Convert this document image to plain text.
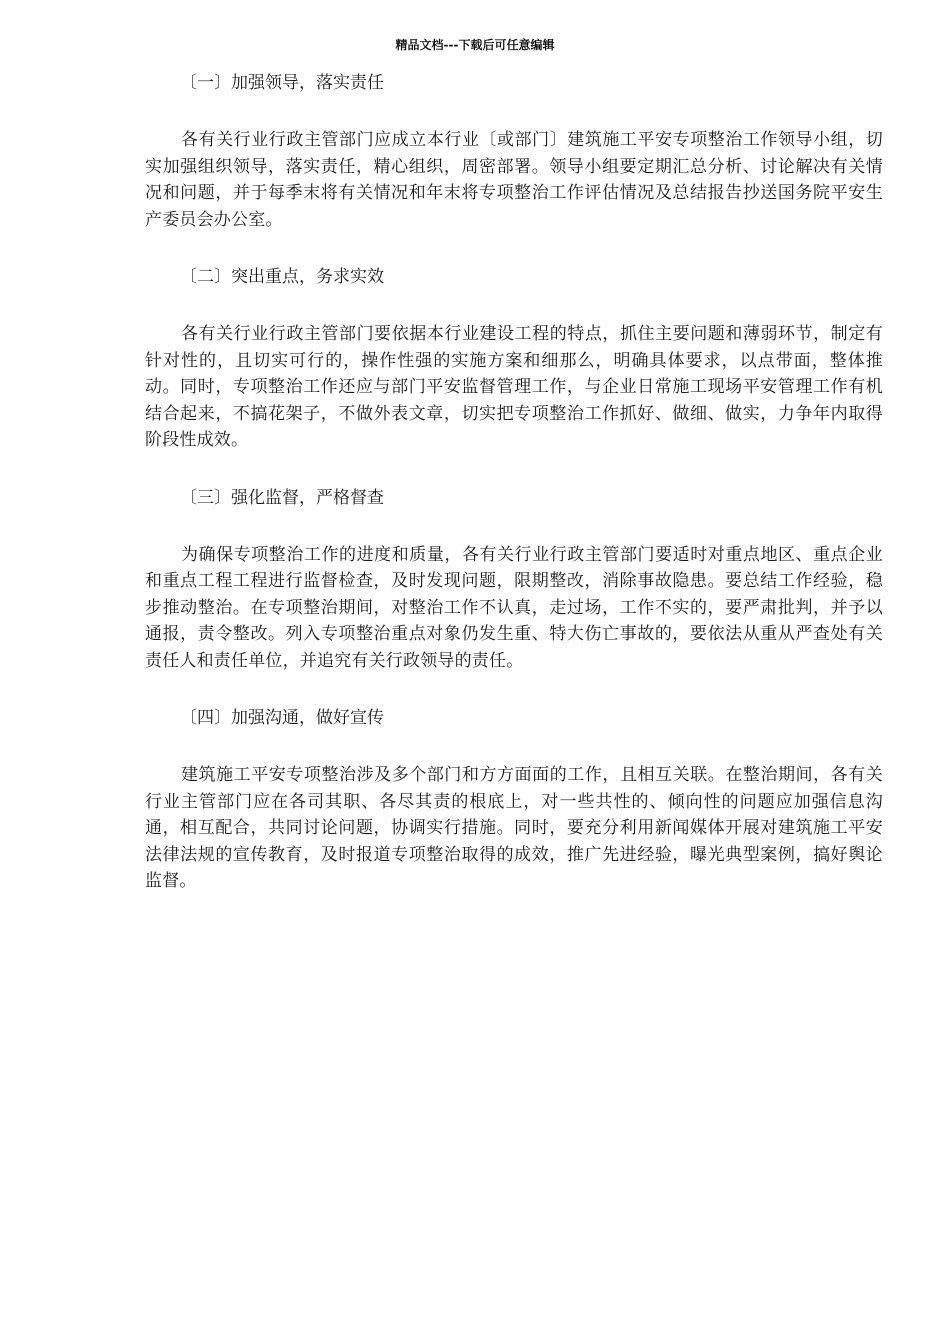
精品文档---下载后可任意编辑
〔一〕加强领导，落实责任

各有关行业行政主管部门应成立本行业〔或部门〕建筑施工平安专项整治工作领导小组，切实加强组织领导，落实责任，精心组织，周密部署。领导小组要定期汇总分析、讨论解决有关情况和问题，并于每季末将有关情况和年末将专项整治工作评估情况及总结报告抄送国务院平安生产委员会办公室。

〔二〕突出重点，务求实效

各有关行业行政主管部门要依据本行业建设工程的特点，抓住主要问题和薄弱环节，制定有针对性的，且切实可行的，操作性强的实施方案和细那么，明确具体要求，以点带面，整体推动。同时，专项整治工作还应与部门平安监督管理工作，与企业日常施工现场平安管理工作有机结合起来，不搞花架子，不做外表文章，切实把专项整治工作抓好、做细、做实，力争年内取得阶段性成效。

〔三〕强化监督，严格督查

为确保专项整治工作的进度和质量，各有关行业行政主管部门要适时对重点地区、重点企业和重点工程工程进行监督检查，及时发现问题，限期整改，消除事故隐患。要总结工作经验，稳步推动整治。在专项整治期间，对整治工作不认真，走过场，工作不实的，要严肃批判，并予以通报，责令整改。列入专项整治重点对象仍发生重、特大伤亡事故的，要依法从重从严查处有关责任人和责任单位，并追究有关行政领导的责任。

〔四〕加强沟通，做好宣传

建筑施工平安专项整治涉及多个部门和方方面面的工作，且相互关联。在整治期间，各有关行业主管部门应在各司其职、各尽其责的根底上，对一些共性的、倾向性的问题应加强信息沟通，相互配合，共同讨论问题，协调实行措施。同时，要充分利用新闻媒体开展对建筑施工平安法律法规的宣传教育，及时报道专项整治取得的成效，推广先进经验，曝光典型案例，搞好舆论监督。
